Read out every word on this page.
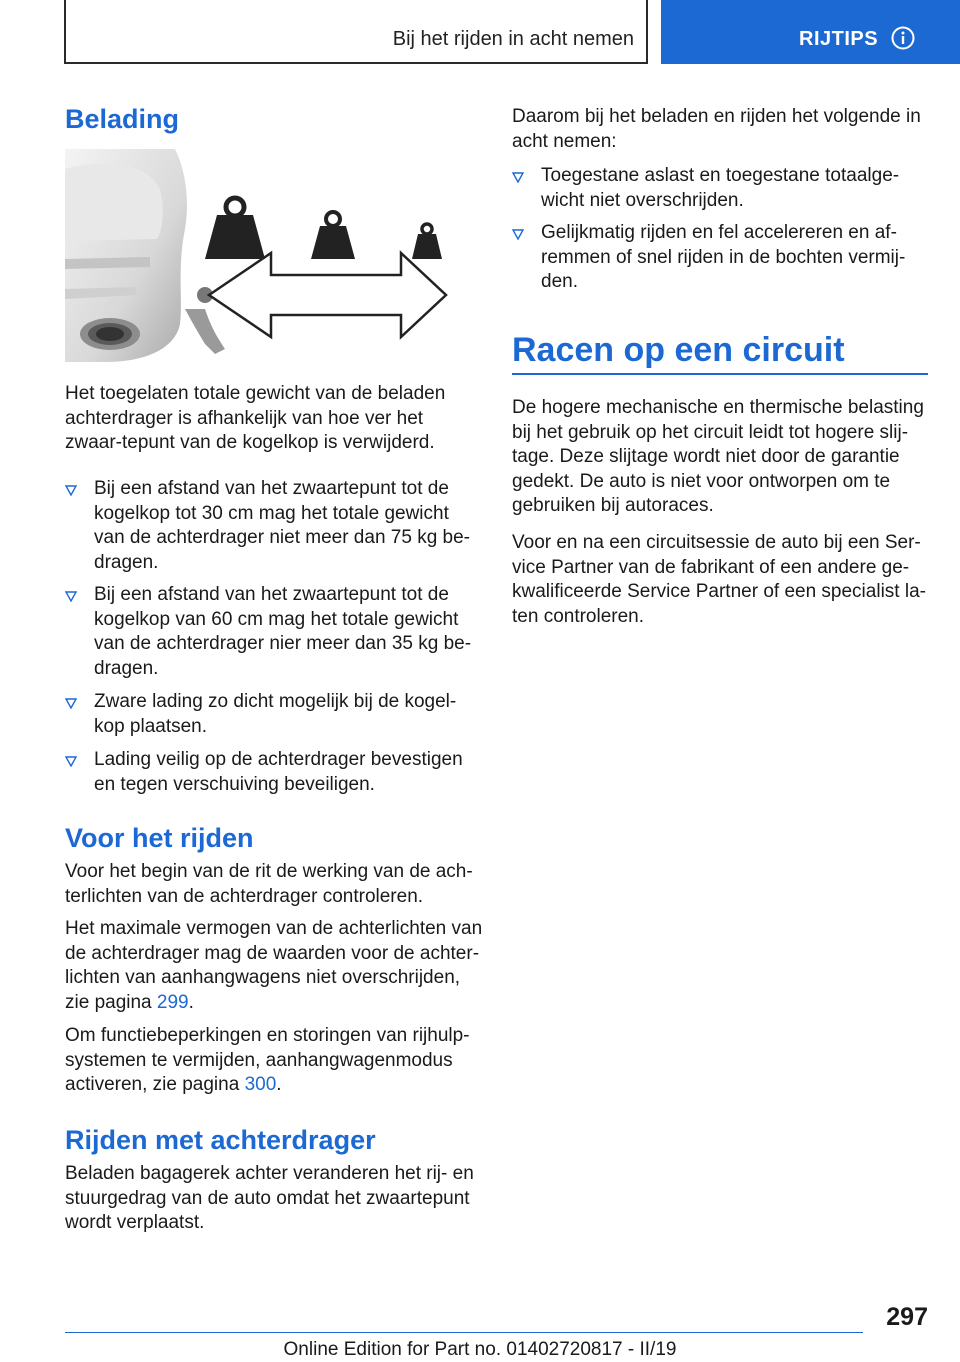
Bij het rijden in acht nemen	RIJTIPS
Belading

Het toegelaten totale gewicht van de beladen achterdrager is afhankelijk van hoe ver het zwaar-tepunt van de kogelkop is verwijderd.

Bij een afstand van het zwaartepunt tot de kogelkop tot 30 cm mag het totale gewicht van de achterdrager niet meer dan 75 kg be-dragen.
Bij een afstand van het zwaartepunt tot de kogelkop van 60 cm mag het totale gewicht van de achterdrager nier meer dan 35 kg be-dragen.
Zware lading zo dicht mogelijk bij de kogel-kop plaatsen.
Lading veilig op de achterdrager bevestigen en tegen verschuiving beveiligen.
Voor het rijden

Voor het begin van de rit de werking van de ach-terlichten van de achterdrager controleren.

Het maximale vermogen van de achterlichten van de achterdrager mag de waarden voor de achter-lichten van aanhangwagens niet overschrijden, zie pagina 299.

Om functiebeperkingen en storingen van rijhulp-systemen te vermijden, aanhangwagenmodus activeren, zie pagina 300.

Rijden met achterdrager

Beladen bagagerek achter veranderen het rij- en stuurgedrag van de auto omdat het zwaartepunt wordt verplaatst.

Daarom bij het beladen en rijden het volgende in acht nemen:

Toegestane aslast en toegestane totaalge-wicht niet overschrijden.
Gelijkmatig rijden en fel accelereren en af-remmen of snel rijden in de bochten vermij-den.
Racen op een circuit

De hogere mechanische en thermische belasting bij het gebruik op het circuit leidt tot hogere slij-tage. Deze slijtage wordt niet door de garantie gedekt. De auto is niet voor ontworpen om te gebruiken bij autoraces.

Voor en na een circuitsessie de auto bij een Ser-vice Partner van de fabrikant of een andere ge-kwalificeerde Service Partner of een specialist la-ten controleren.

297
Online Edition for Part no. 01402720817 - II/19
